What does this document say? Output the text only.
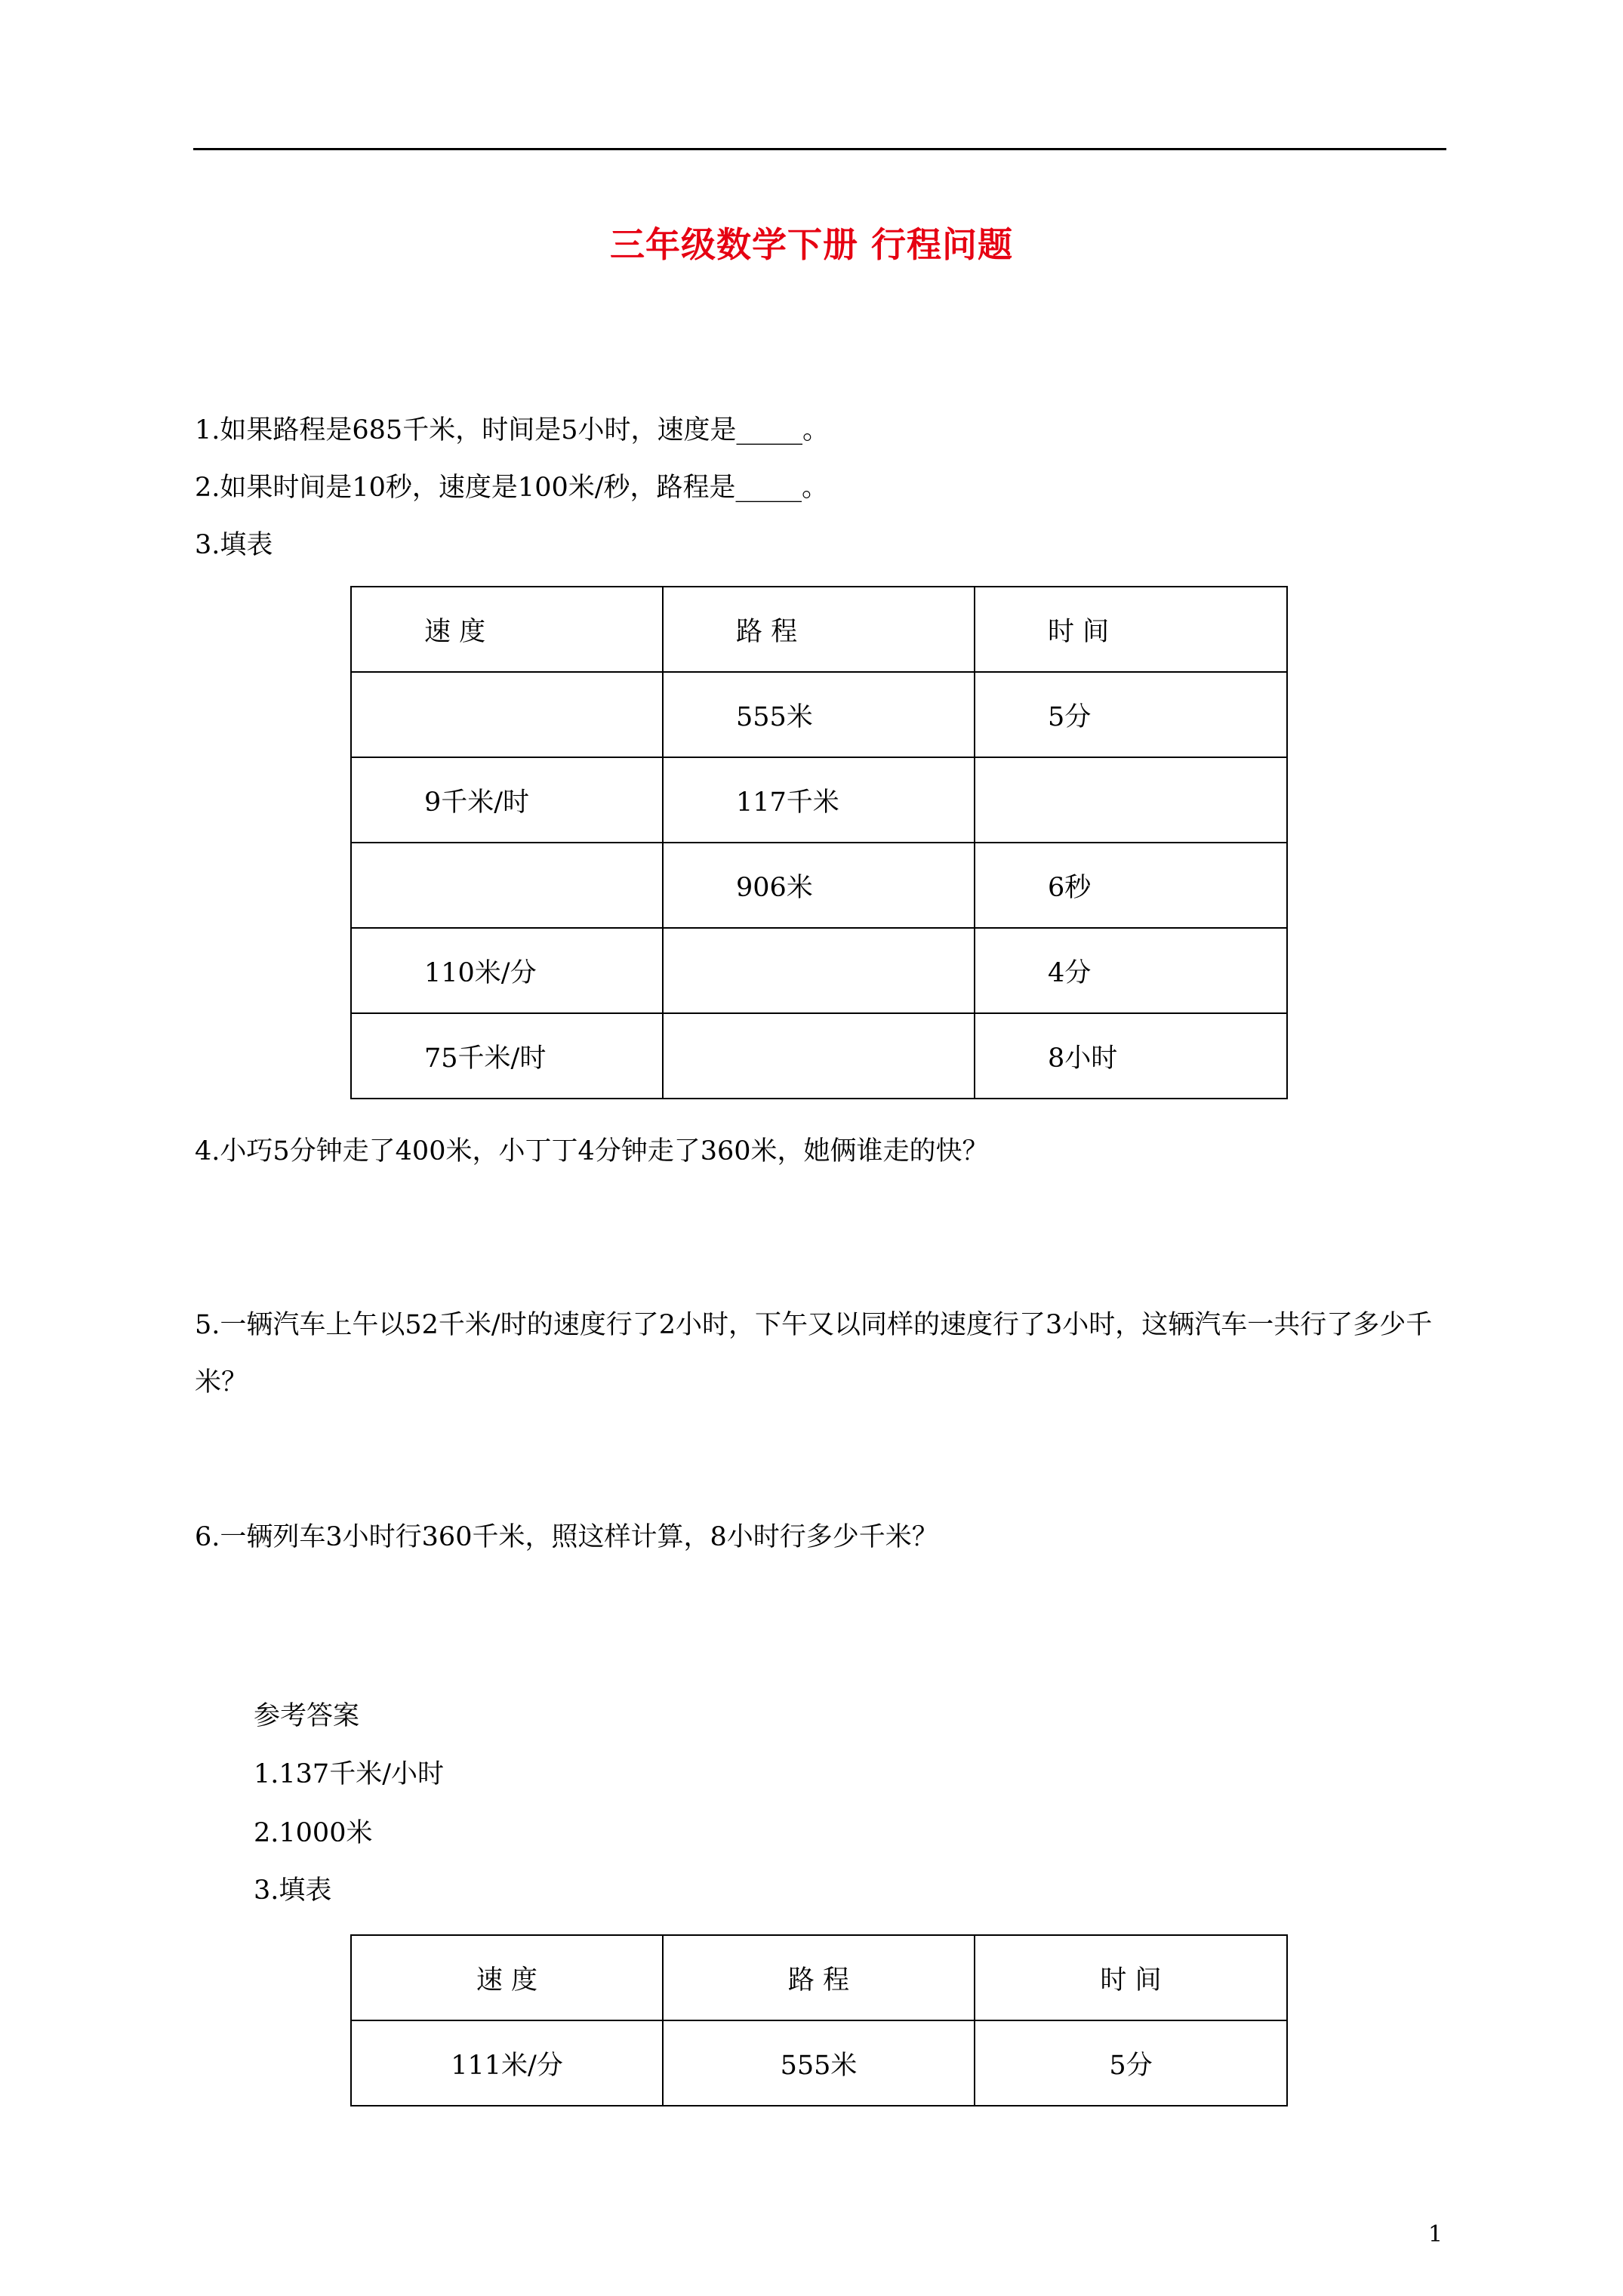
三年级数学下册 行程问题
1.如果路程是685千米，时间是5小时，速度是_____。
2.如果时间是10秒，速度是100米/秒，路程是_____。
3.填表
速 度	路 程	时 间
	555米	5分
9千米/时	117千米	
	906米	6秒
110米/分		4分
75千米/时		8小时
4.小巧5分钟走了400米，小丁丁4分钟走了360米，她俩谁走的快？
5.一辆汽车上午以52千米/时的速度行了2小时，下午又以同样的速度行了3小时，这辆汽车一共行了多少千米？
6.一辆列车3小时行360千米，照这样计算，8小时行多少千米？
参考答案
1.137千米/小时
2.1000米
3.填表
速 度	路 程	时 间
111米/分	555米	5分
1
